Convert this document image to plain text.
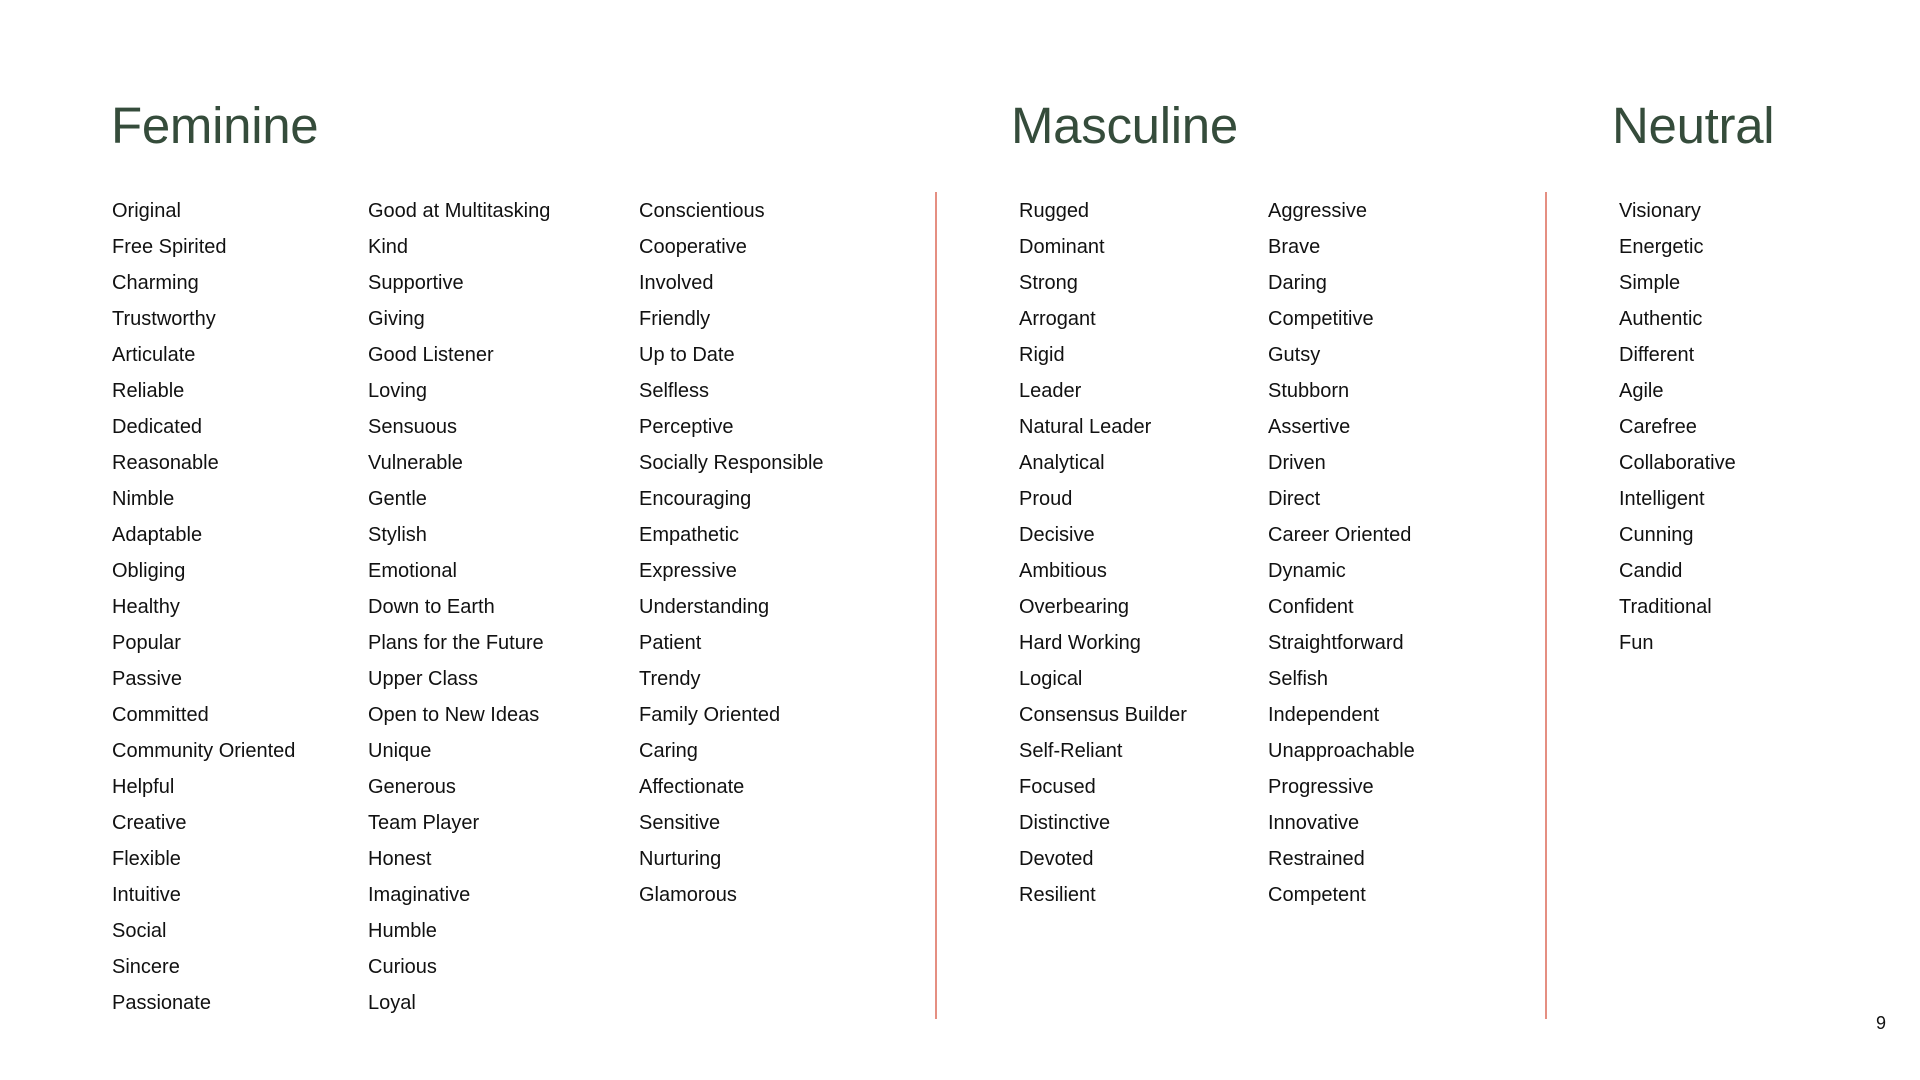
Feminine	Masculine	Neutral
Original
Free Spirited
Charming
Trustworthy
Articulate
Reliable
Dedicated
Reasonable
Nimble
Adaptable
Obliging
Healthy
Popular
Passive
Committed
Community Oriented
Helpful
Creative
Flexible
Intuitive
Social
Sincere
Passionate
Good at Multitasking
Kind
Supportive
Giving
Good Listener
Loving
Sensuous
Vulnerable
Gentle
Stylish
Emotional
Down to Earth
Plans for the Future
Upper Class
Open to New Ideas
Unique
Generous
Team Player
Honest
Imaginative
Humble
Curious
Loyal
Conscientious
Cooperative
Involved
Friendly
Up to Date
Selfless
Perceptive
Socially Responsible
Encouraging
Empathetic
Expressive
Understanding
Patient
Trendy
Family Oriented
Caring
Affectionate
Sensitive
Nurturing
Glamorous
Rugged
Dominant
Strong
Arrogant
Rigid
Leader
Natural Leader
Analytical
Proud
Decisive
Ambitious
Overbearing
Hard Working
Logical
Consensus Builder
Self-Reliant
Focused
Distinctive
Devoted
Resilient
Aggressive
Brave
Daring
Competitive
Gutsy
Stubborn
Assertive
Driven
Direct
Career Oriented
Dynamic
Confident
Straightforward
Selfish
Independent
Unapproachable
Progressive
Innovative
Restrained
Competent
Visionary
Energetic
Simple
Authentic
Different
Agile
Carefree
Collaborative
Intelligent
Cunning
Candid
Traditional
Fun
9
